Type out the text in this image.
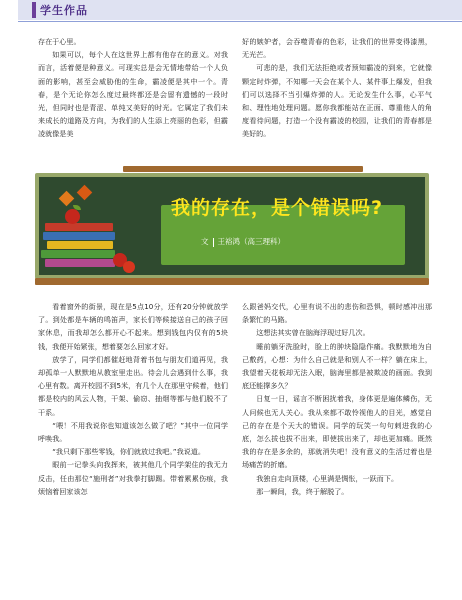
学生作品

存在于心里。

如果可以，每个人在这世界上都有他存在的意义。对我而言，活着便是种意义。可现实总是会无情地带给一个人负面的影响，甚至会威胁他的生命，霸凌便是其中一个。青春，是个无论你怎么度过最终都还是会留有遗憾的一段时光，但同时也是青涩、单纯又美好的时光。它属定了我们未来成长的道路及方向，为我们的人生添上亮丽的色彩，但霸凌就像是美

好的嫉妒者，会吞噬青春的色彩，让我们的世界变得漆黑，无光芒。

可悲的是，我们无法拒绝或者预知霸凌的到来，它就像颗定时炸弹，不知哪一天会在某个人、某件事上爆发，但我们可以选择不当引爆炸弹的人。无论发生什么事，心平气和、理性地处理问题。愿你我都能站在正面、尊重他人的角度看待问题，打造一个没有霸凌的校园，让我们的青春都是美好的。

我的存在，是个错误吗?
文 王裕鸿（高三理科）

看着窗外的街景，现在是5点10分，还有20分钟就放学了。到处都是车辆的鸣笛声，家长们等候接送自己的孩子回家休息，而我却怎么都开心不起来。想到钱包内仅有的5块钱，我便开始紧张，想着要怎么回家才好。

放学了，同学们都催赶地背着书包与朋友们道再见，我却孤单一人默默地从教室里走出。待会儿会遇到什么事，我心里有数。离开校园不到5米，有几个人在那里守候着，他们都是校内的风云人物，干架、偷窃、抽烟等都与他们脱不了干系。

“喂！不用我说你也知道该怎么做了吧？”其中一位同学呼唤我。

“我只剩下那些零钱，你们就放过我吧。”我说道。

眼前一记拳头向我挥来，被其他几个同学架住的我无力反击，任由那位“施刑者”对我拳打脚踢。带着累累伤痕，我烦恼着回家该怎

么跟爸妈交代，心里有说不出的悲伤和恐惧，顿时感冲出那条繁忙的马路。

这想法其实曾在脑海浮现过好几次。

睡前躺牙洗脸时，脸上的肿块隐隐作痛。我默默地为自己敷药，心想：为什么自己就是和别人不一样？躺在床上，我望着天花板却无法入眠，脑海里都是被欺凌的画面。我到底还能撑多久？

日复一日，谣言不断困扰着我，身体更是遍体鳞伤，无人问候也无人关心。我从来都不敢怜视他人的目光，感觉自己的存在是个天大的错误。同学的玩笑一句句刺进我的心底，怎么拔也拔不出来，即使拔出来了，却也更加痛。既然我的存在是多余的，那就消失吧！没有意义的生活过着也是场痛苦的折磨。

我独自走向顶楼，心里满是惆怅，一跃而下。

那一瞬间，我，终于解脱了。
